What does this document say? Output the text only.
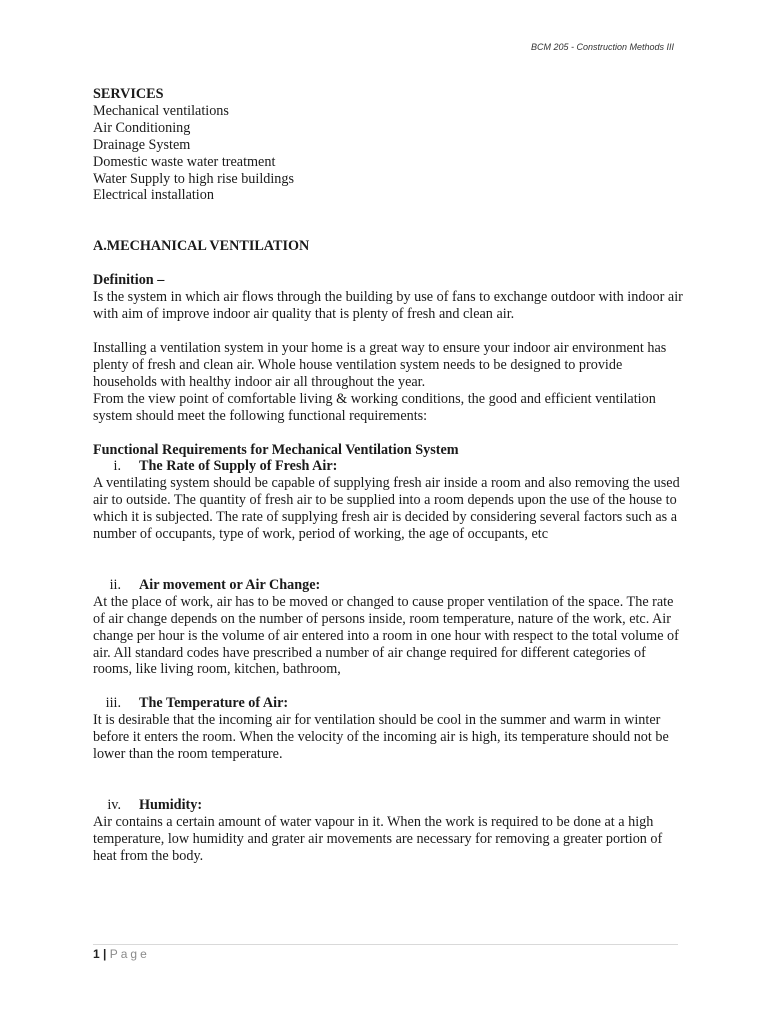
BCM 205 - Construction Methods III
SERVICES
Mechanical ventilations
Air Conditioning
Drainage System
Domestic waste water treatment
Water Supply to high rise buildings
Electrical installation
A.MECHANICAL VENTILATION
Definition –
Is the system in which air flows through the building by use of fans to exchange outdoor with indoor air with aim of improve indoor air quality that is plenty of fresh and clean air.
Installing a ventilation system in your home is a great way to ensure your indoor air environment has plenty of fresh and clean air. Whole house ventilation system needs to be designed to provide households with healthy indoor air all throughout the year.
From the view point of comfortable living & working conditions, the good and efficient ventilation system should meet the following functional requirements:
Functional Requirements for Mechanical Ventilation System
i. The Rate of Supply of Fresh Air:
A ventilating system should be capable of supplying fresh air inside a room and also removing the used air to outside. The quantity of fresh air to be supplied into a room depends upon the use of the house to which it is subjected. The rate of supplying fresh air is decided by considering several factors such as a number of occupants, type of work, period of working, the age of occupants, etc
ii. Air movement or Air Change:
At the place of work, air has to be moved or changed to cause proper ventilation of the space. The rate of air change depends on the number of persons inside, room temperature, nature of the work, etc. Air change per hour is the volume of air entered into a room in one hour with respect to the total volume of air. All standard codes have prescribed a number of air change required for different categories of rooms, like living room, kitchen, bathroom,
iii. The Temperature of Air:
It is desirable that the incoming air for ventilation should be cool in the summer and warm in winter before it enters the room. When the velocity of the incoming air is high, its temperature should not be lower than the room temperature.
iv. Humidity:
Air contains a certain amount of water vapour in it. When the work is required to be done at a high temperature, low humidity and grater air movements are necessary for removing a greater portion of heat from the body.
1 | Page
